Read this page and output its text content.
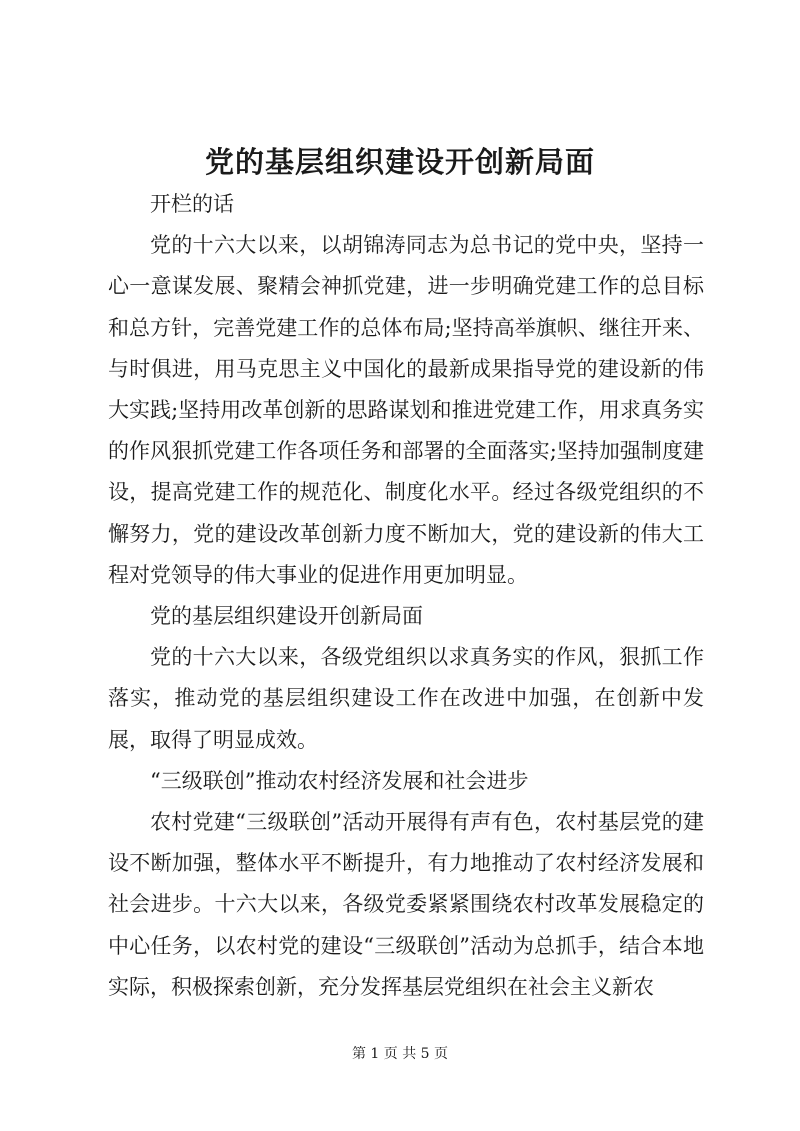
党的基层组织建设开创新局面

开栏的话

党的十六大以来，以胡锦涛同志为总书记的党中央，坚持一心一意谋发展、聚精会神抓党建，进一步明确党建工作的总目标和总方针，完善党建工作的总体布局;坚持高举旗帜、继往开来、与时俱进，用马克思主义中国化的最新成果指导党的建设新的伟大实践;坚持用改革创新的思路谋划和推进党建工作，用求真务实的作风狠抓党建工作各项任务和部署的全面落实;坚持加强制度建设，提高党建工作的规范化、制度化水平。经过各级党组织的不懈努力，党的建设改革创新力度不断加大，党的建设新的伟大工程对党领导的伟大事业的促进作用更加明显。

党的基层组织建设开创新局面

党的十六大以来，各级党组织以求真务实的作风，狠抓工作落实，推动党的基层组织建设工作在改进中加强，在创新中发展，取得了明显成效。

“三级联创”推动农村经济发展和社会进步

农村党建“三级联创”活动开展得有声有色，农村基层党的建设不断加强，整体水平不断提升，有力地推动了农村经济发展和社会进步。十六大以来，各级党委紧紧围绕农村改革发展稳定的中心任务，以农村党的建设“三级联创”活动为总抓手，结合本地实际，积极探索创新，充分发挥基层党组织在社会主义新农

第 1 页 共 5 页
